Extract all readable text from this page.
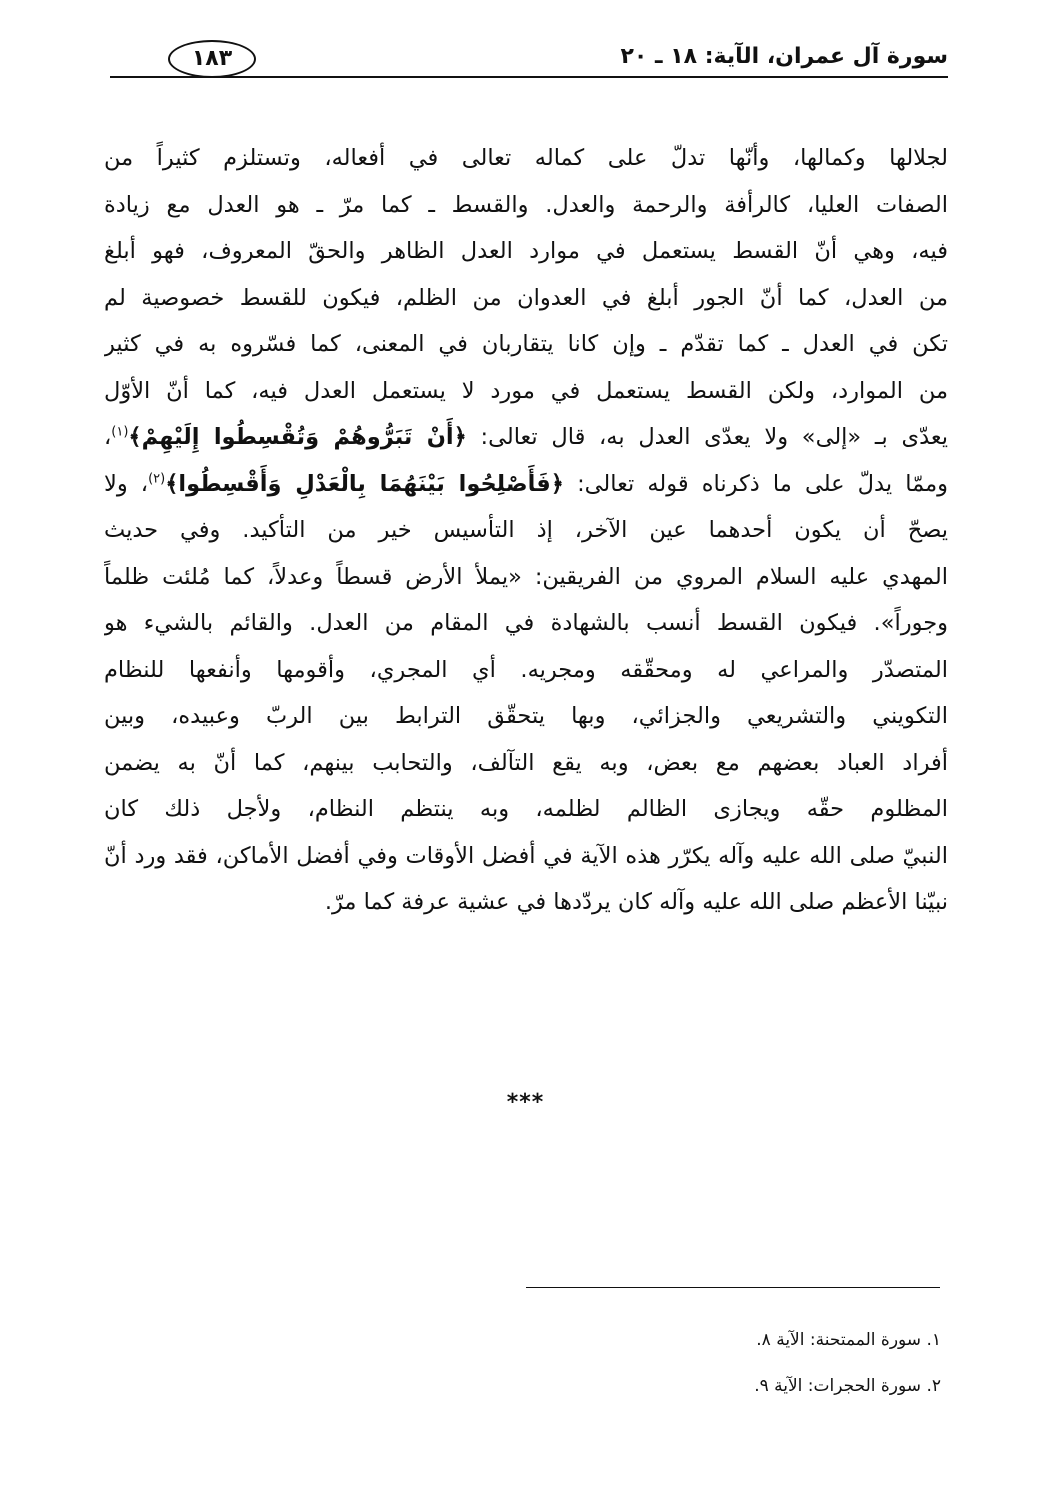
سورة آل عمران، الآية: ١٨ ـ ٢٠
١٨٣
لجلالها وكمالها، وأنّها تدلّ على كماله تعالى في أفعاله، وتستلزم كثيراً من
الصفات العليا، كالرأفة والرحمة والعدل. والقسط ـ كما مرّ ـ هو العدل مع زيادة
فيه، وهي أنّ القسط يستعمل في موارد العدل الظاهر والحقّ المعروف، فهو أبلغ
من العدل، كما أنّ الجور أبلغ في العدوان من الظلم، فيكون للقسط خصوصية لم
تكن في العدل ـ كما تقدّم ـ وإن كانا يتقاربان في المعنى، كما فسّروه به في كثير
من الموارد، ولكن القسط يستعمل في مورد لا يستعمل العدل فيه، كما أنّ الأوّل
يعدّى بـ «إلى» ولا يعدّى العدل به، قال تعالى: ﴿أَنْ تَبَرُّوهُمْ وَتُقْسِطُوا إِلَيْهِمْ﴾$^{(١)}$،
وممّا يدلّ على ما ذكرناه قوله تعالى: ﴿فَأَصْلِحُوا بَيْنَهُمَا بِالْعَدْلِ وَأَقْسِطُوا﴾$^{(٢)}$، ولا
يصحّ أن يكون أحدهما عين الآخر، إذ التأسيس خير من التأكيد. وفي حديث
المهدي عليه السلام المروي من الفريقين: «يملأ الأرض قسطاً وعدلاً، كما مُلئت ظلماً
وجوراً». فيكون القسط أنسب بالشهادة في المقام من العدل. والقائم بالشيء هو
المتصدّر والمراعي له ومحقّقه ومجريه. أي المجري، وأقومها وأنفعها للنظام
التكويني والتشريعي والجزائي، وبها يتحقّق الترابط بين الربّ وعبيده، وبين
أفراد العباد بعضهم مع بعض، وبه يقع التآلف، والتحابب بينهم، كما أنّ به يضمن
المظلوم حقّه ويجازى الظالم لظلمه، وبه ينتظم النظام، ولأجل ذلك كان
النبيّ صلى الله عليه وآله يكرّر هذه الآية في أفضل الأوقات وفي أفضل الأماكن، فقد ورد أنّ
نبيّنا الأعظم صلى الله عليه وآله كان يردّدها في عشية عرفة كما مرّ.
***
١. سورة الممتحنة: الآية ٨.
٢. سورة الحجرات: الآية ٩.
